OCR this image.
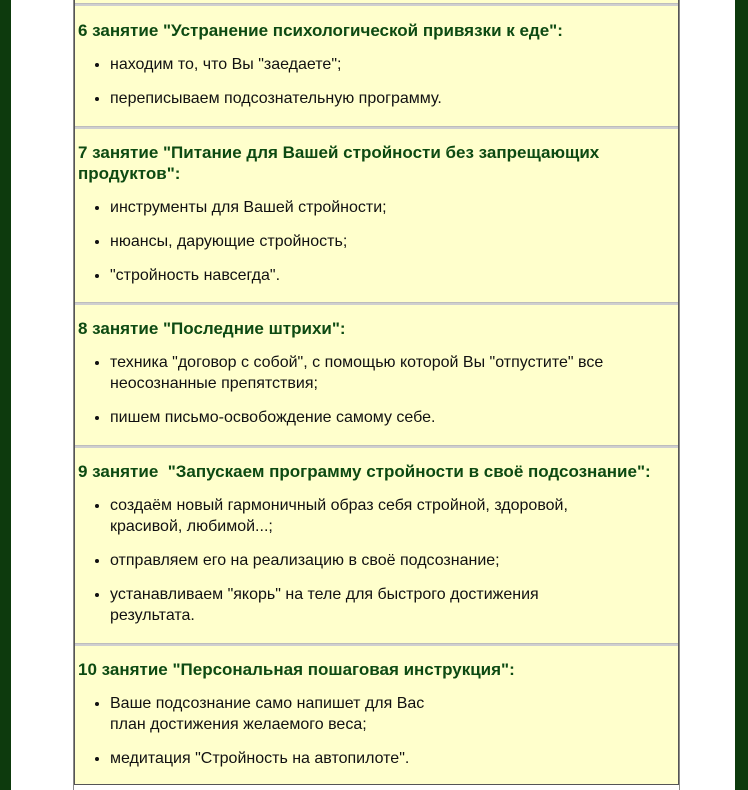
6 занятие "Устранение психологической привязки к еде":

находим то, что Вы "заедаете";
переписываем подсознательную программу.

7 занятие "Питание для Вашей стройности без запрещающих
продуктов":

инструменты для Вашей стройности;
нюансы, дарующие стройность;
"стройность навсегда".

8 занятие "Последние штрихи":

техника "договор с собой", с помощью которой Вы "отпустите" все
неосознанные препятствия;
пишем письмо-освобождение самому себе.

9 занятие  "Запускаем программу стройности в своё подсознание":

создаём новый гармоничный образ себя стройной, здоровой,
красивой, любимой...;
отправляем его на реализацию в своё подсознание;
устанавливаем "якорь" на теле для быстрого достижения
результата.

10 занятие "Персональная пошаговая инструкция":

Ваше подсознание само напишет для Вас
план достижения желаемого веса;
медитация "Стройность на автопилоте".
